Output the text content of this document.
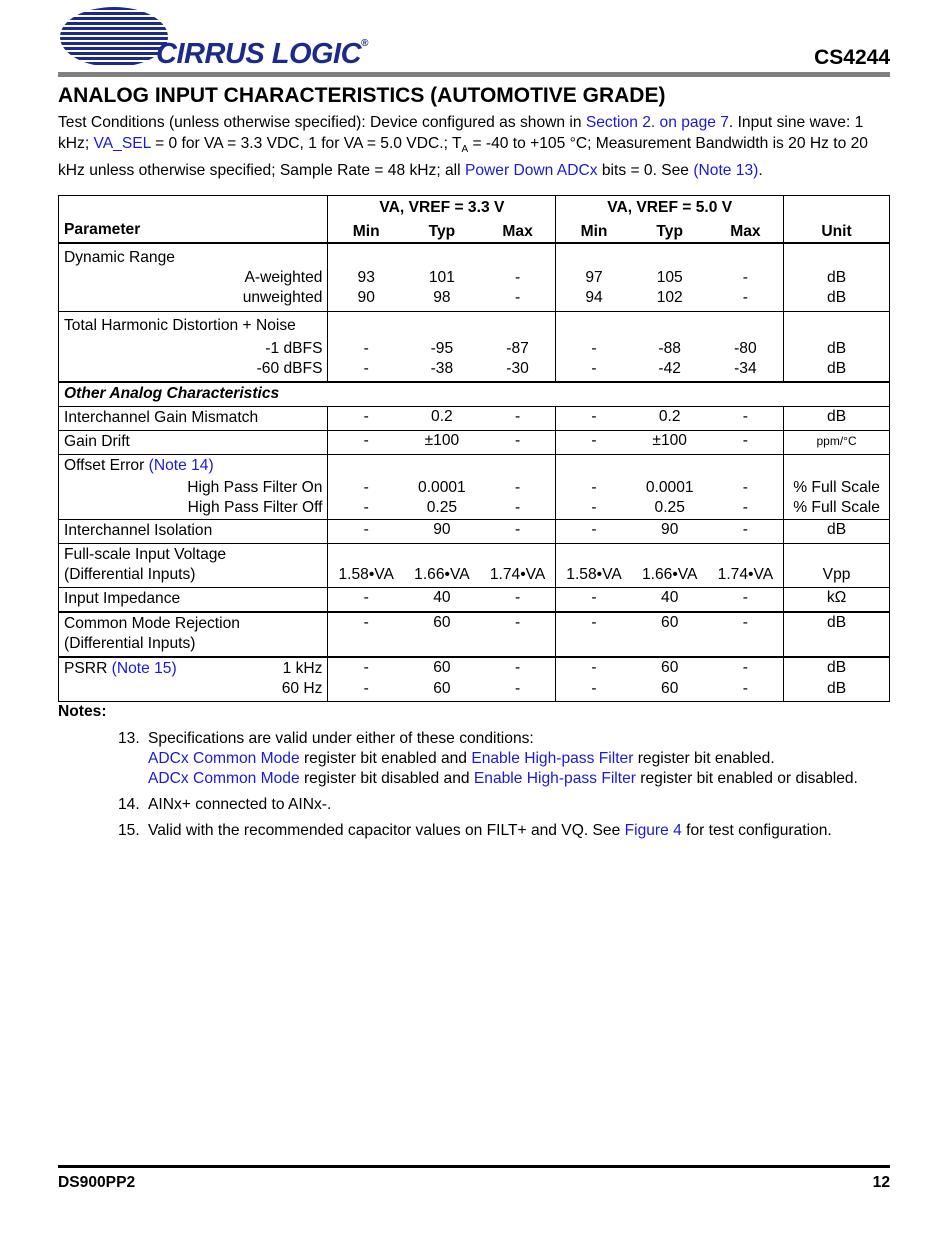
CIRRUS LOGIC®
CS4244
ANALOG INPUT CHARACTERISTICS (AUTOMOTIVE GRADE)
Test Conditions (unless otherwise specified): Device configured as shown in Section 2. on page 7. Input sine wave: 1 kHz; VA_SEL = 0 for VA = 3.3 VDC, 1 for VA = 5.0 VDC.; $T_A = -40$ to +105 °C; Measurement Bandwidth is 20 Hz to 20 kHz unless otherwise specified; Sample Rate = 48 kHz; all Power Down ADCx bits = 0. See (Note 13).
	VA, VREF = 3.3 V			VA, VREF = 5.0 V			
Parameter	Min	Typ	Max	Min	Typ	Max	Unit
Dynamic Range							
A-weighted	93	101	-	97	105	-	dB
unweighted	90	98	-	94	102	-	dB
Total Harmonic Distortion + Noise							
-1 dBFS	-	-95	-87	-	-88	-80	dB
-60 dBFS	-	-38	-30	-	-42	-34	dB
Other Analog Characteristics							
Interchannel Gain Mismatch	-	0.2	-	-	0.2	-	dB
Gain Drift	-	±100	-	-	±100	-	ppm/°C
Offset Error (Note 14)							
High Pass Filter On	-	0.0001	-	-	0.0001	-	% Full Scale
High Pass Filter Off	-	0.25	-	-	0.25	-	% Full Scale
Interchannel Isolation	-	90	-	-	90	-	dB
Full-scale Input Voltage							
(Differential Inputs)	1.58•VA	1.66•VA	1.74•VA	1.58•VA	1.66•VA	1.74•VA	Vpp
Input Impedance	-	40	-	-	40	-	kΩ
Common Mode Rejection	-	60	-	-	60	-	dB
(Differential Inputs)							
PSRR (Note 15) 1 kHz	-	60	-	-	60	-	dB
60 Hz	-	60	-	-	60	-	dB
Notes:
13. Specifications are valid under either of these conditions:
ADCx Common Mode register bit enabled and Enable High-pass Filter register bit enabled.
ADCx Common Mode register bit disabled and Enable High-pass Filter register bit enabled or disabled.
14. AINx+ connected to AINx-.
15. Valid with the recommended capacitor values on FILT+ and VQ. See Figure 4 for test configuration.
DS900PP2	12
